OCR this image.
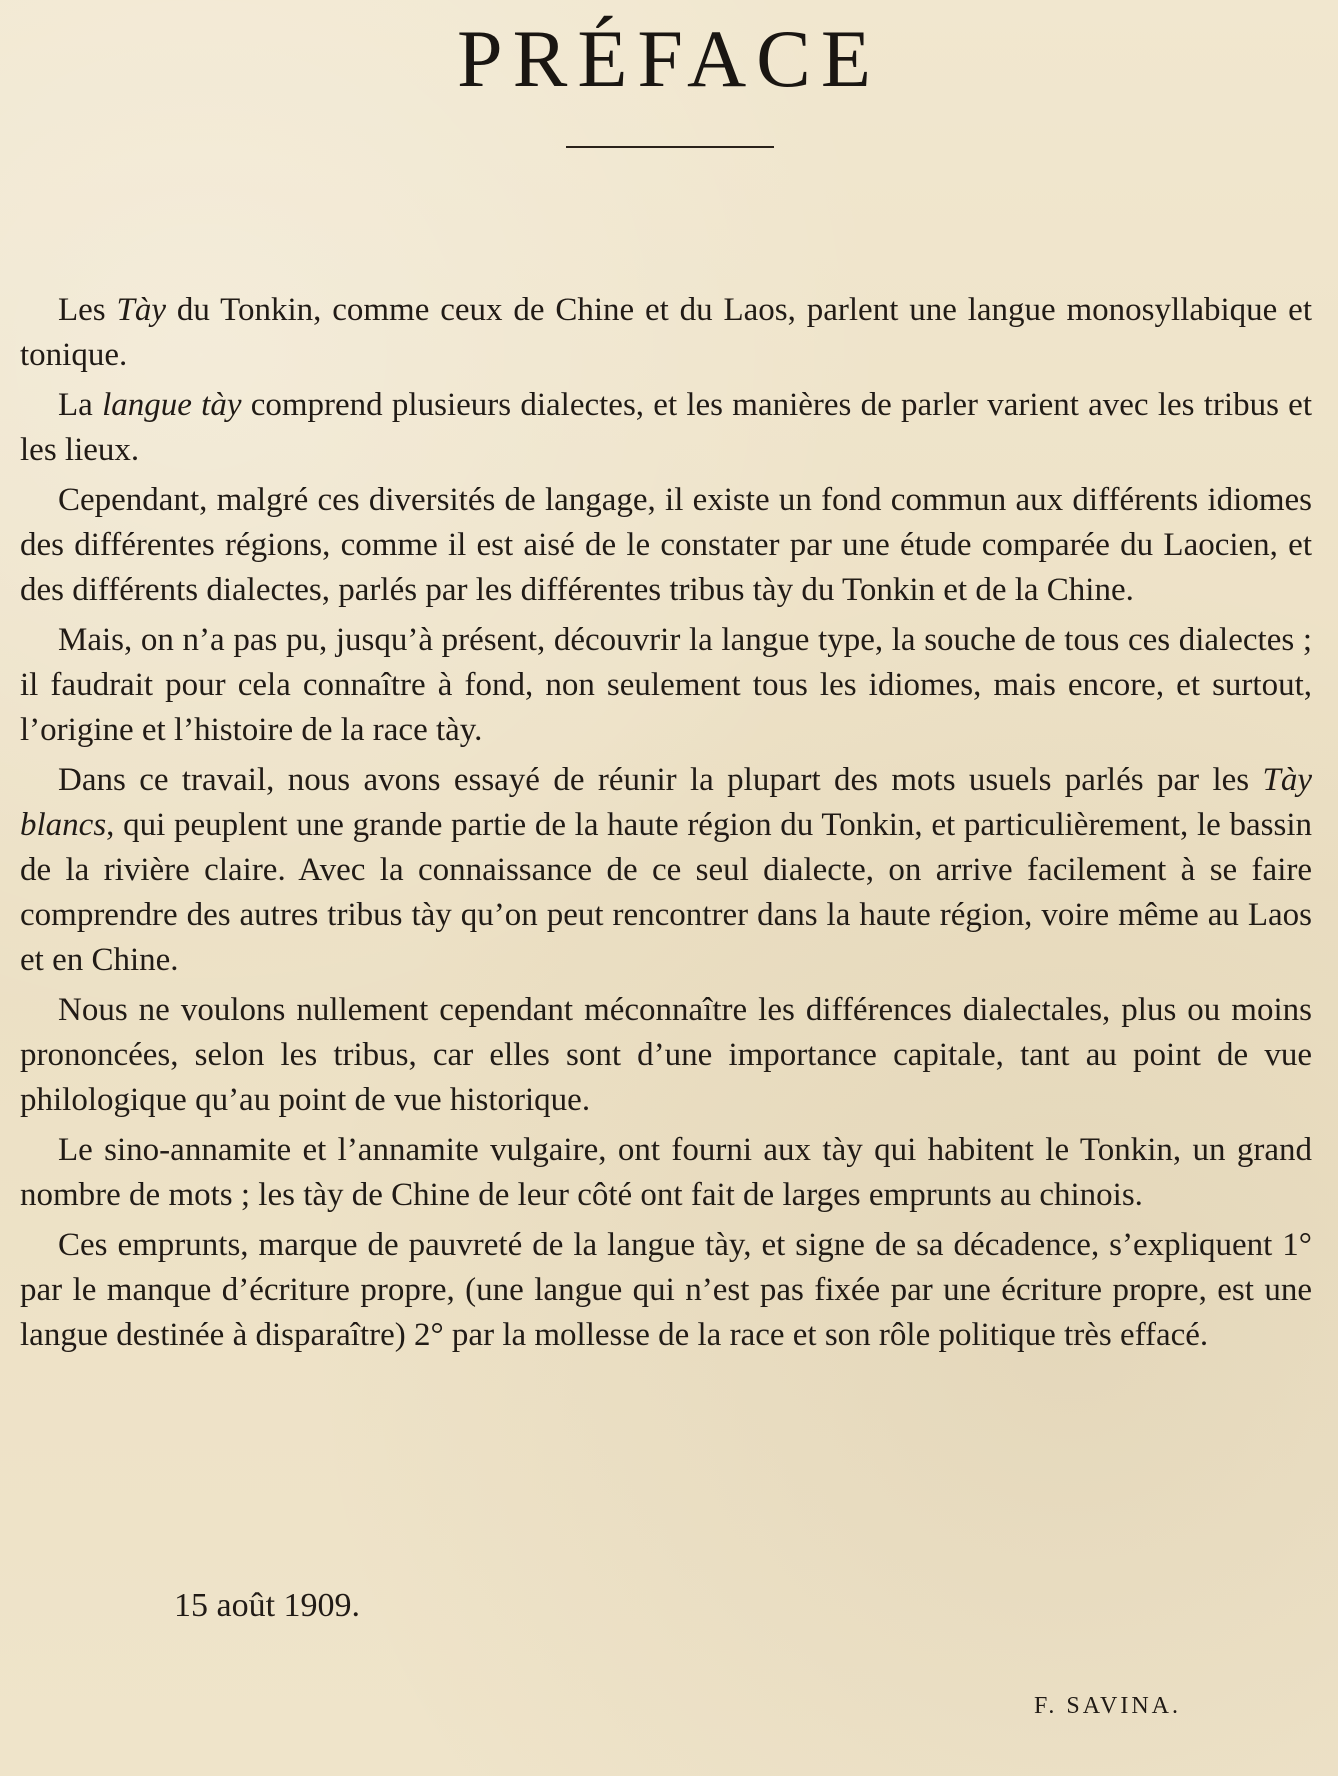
PRÉFACE

Les Tày du Tonkin, comme ceux de Chine et du Laos, parlent une langue monosyllabique et tonique.

La langue tày comprend plusieurs dialectes, et les manières de parler varient avec les tribus et les lieux.

Cependant, malgré ces diversités de langage, il existe un fond commun aux différents idiomes des différentes régions, comme il est aisé de le constater par une étude comparée du Laocien, et des différents dialectes, parlés par les différentes tribus tày du Tonkin et de la Chine.

Mais, on n’a pas pu, jusqu’à présent, découvrir la langue type, la souche de tous ces dialectes ; il faudrait pour cela connaître à fond, non seulement tous les idiomes, mais encore, et surtout, l’origine et l’histoire de la race tày.

Dans ce travail, nous avons essayé de réunir la plupart des mots usuels parlés par les Tày blancs, qui peuplent une grande partie de la haute région du Tonkin, et particulièrement, le bassin de la rivière claire. Avec la connaissance de ce seul dialecte, on arrive facilement à se faire comprendre des autres tribus tày qu’on peut rencontrer dans la haute région, voire même au Laos et en Chine.

Nous ne voulons nullement cependant méconnaître les différences dialectales, plus ou moins prononcées, selon les tribus, car elles sont d’une importance capitale, tant au point de vue philologique qu’au point de vue historique.

Le sino-annamite et l’annamite vulgaire, ont fourni aux tày qui habitent le Tonkin, un grand nombre de mots ; les tày de Chine de leur côté ont fait de larges emprunts au chinois.

Ces emprunts, marque de pauvreté de la langue tày, et signe de sa décadence, s’expliquent 1° par le manque d’écriture propre, (une langue qui n’est pas fixée par une écriture propre, est une langue destinée à disparaître) 2° par la mollesse de la race et son rôle politique très effacé.

15 août 1909.
F. SAVINA.
